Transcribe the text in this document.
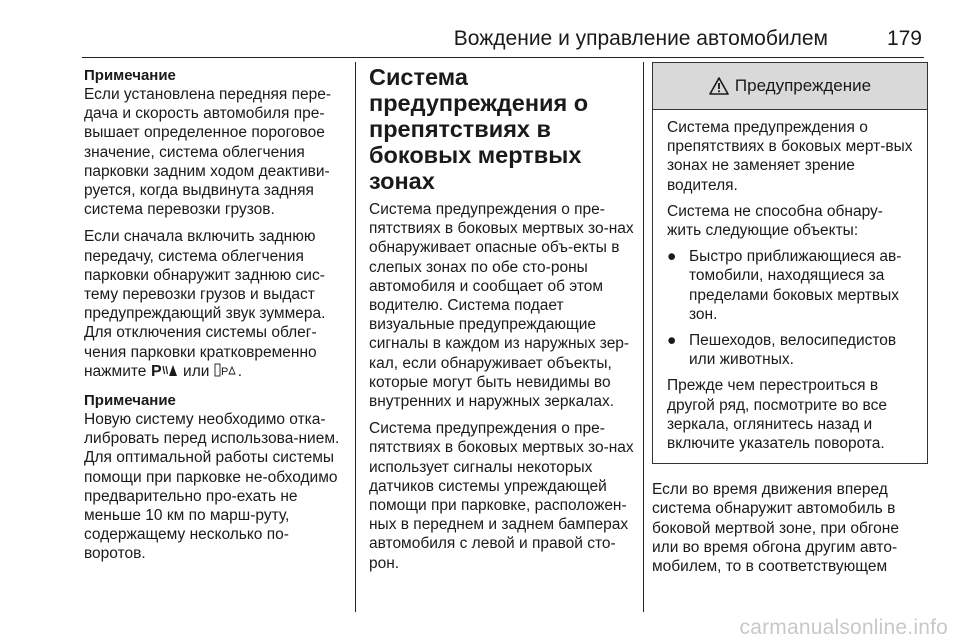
Вождение и управление автомобилем	179
Примечание

Если установлена передняя пере-дача и скорость автомобиля пре-вышает определенное пороговое значение, система облегчения парковки задним ходом деактиви-руется, когда выдвинута задняя система перевозки грузов.

Если сначала включить заднюю передачу, система облегчения парковки обнаружит заднюю сис-тему перевозки грузов и выдаст предупреждающий звук зуммера. Для отключения системы облег-чения парковки кратковременно нажмите P или P .

Примечание

Новую систему необходимо отка-либровать перед использова-нием. Для оптимальной работы системы помощи при парковке не-обходимо предварительно про-ехать не меньше 10 км по марш-руту, содержащему несколько по-воротов.

Система предупреждения о препятствиях в боковых мертвых зонах

Система предупреждения о пре-пятствиях в боковых мертвых зо-нах обнаруживает опасные объ-екты в слепых зонах по обе сто-роны автомобиля и сообщает об этом водителю. Система подает визуальные предупреждающие сигналы в каждом из наружных зер-кал, если обнаруживает объекты, которые могут быть невидимы во внутренних и наружных зеркалах.

Система предупреждения о пре-пятствиях в боковых мертвых зо-нах использует сигналы некоторых датчиков системы упреждающей помощи при парковке, расположен-ных в переднем и заднем бамперах автомобиля с левой и правой сто-рон.

Предупреждение

Система предупреждения о препятствиях в боковых мерт-вых зонах не заменяет зрение водителя.

Система не способна обнару-жить следующие объекты:

● Быстро приближающиеся ав-томобили, находящиеся за пределами боковых мертвых зон.
● Пешеходов, велосипедистов или животных.

Прежде чем перестроиться в другой ряд, посмотрите во все зеркала, оглянитесь назад и включите указатель поворота.

Если во время движения вперед система обнаружит автомобиль в боковой мертвой зоне, при обгоне или во время обгона другим авто-мобилем, то в соответствующем

carmanualsonline.info
